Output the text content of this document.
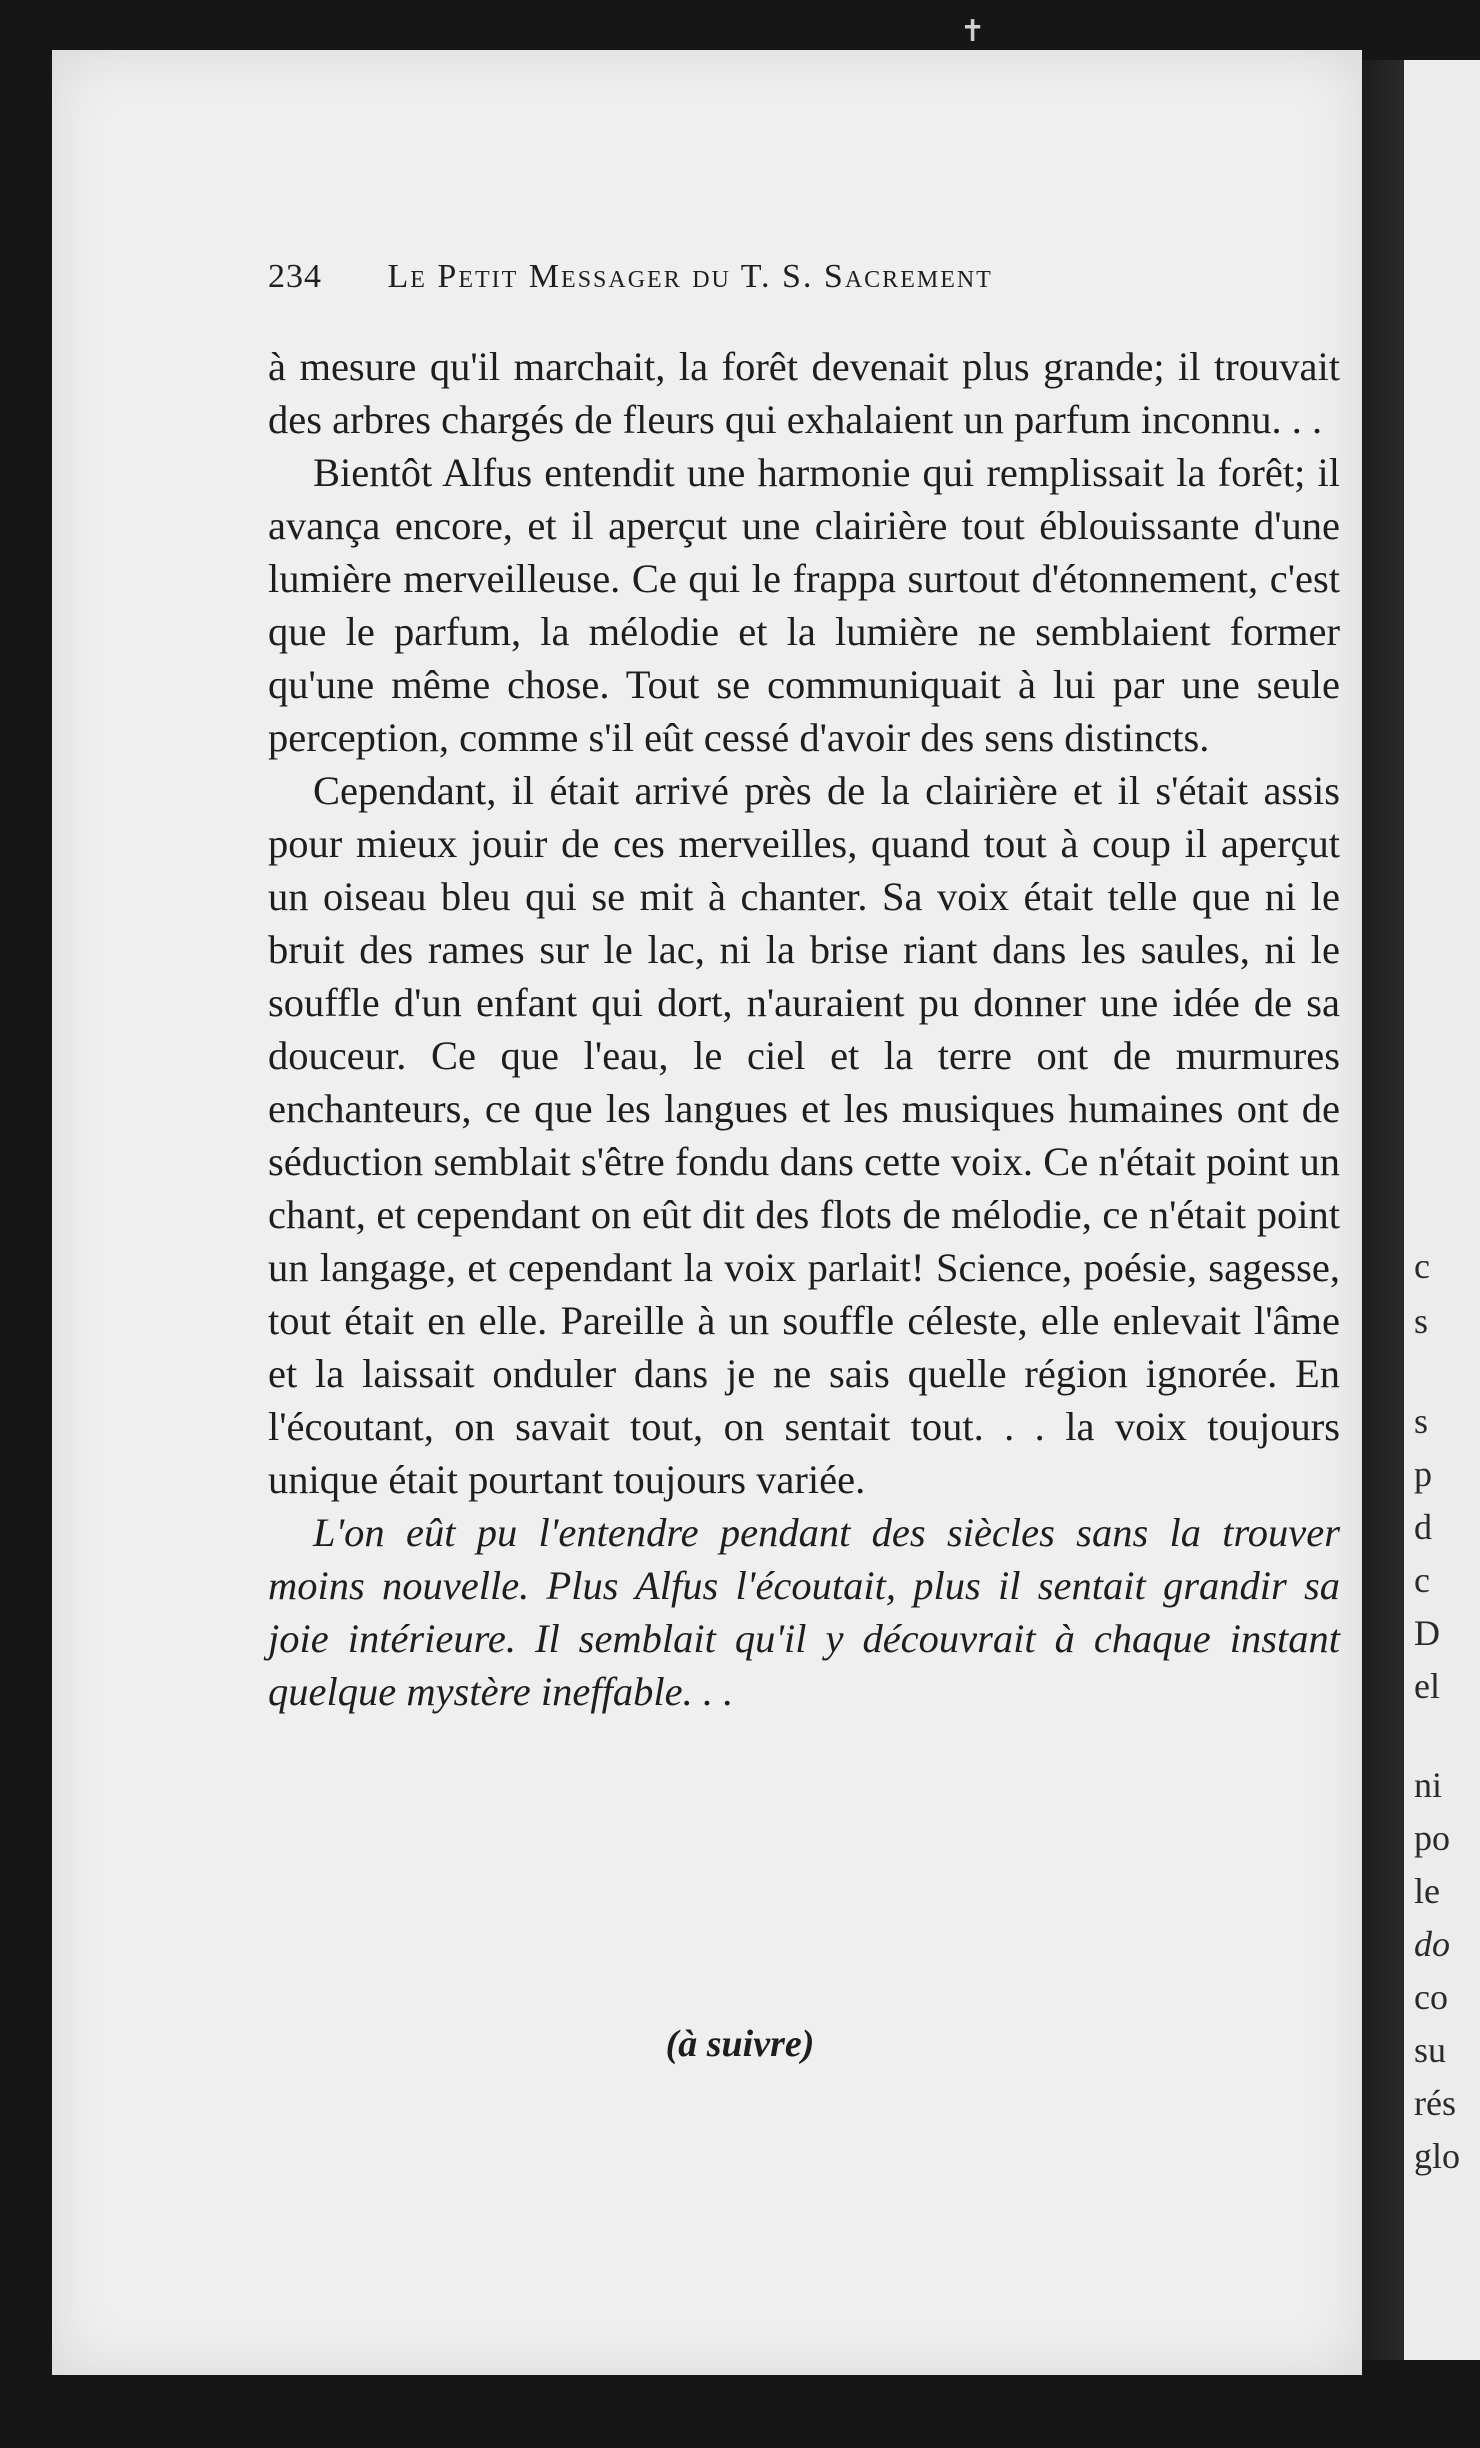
✝
c
s
s
p
d
c
D
el
ni
po
le
do
co
su
rés
glo
234 Le Petit Messager du T. S. Sacrement

à mesure qu'il marchait, la forêt devenait plus grande; il trouvait des arbres chargés de fleurs qui exhalaient un parfum inconnu. . .

Bientôt Alfus entendit une harmonie qui remplissait la forêt; il avança encore, et il aperçut une clairière tout éblouissante d'une lumière merveilleuse. Ce qui le frappa surtout d'étonnement, c'est que le parfum, la mélodie et la lumière ne semblaient former qu'une même chose. Tout se communiquait à lui par une seule perception, comme s'il eût cessé d'avoir des sens distincts.

Cependant, il était arrivé près de la clairière et il s'était assis pour mieux jouir de ces merveilles, quand tout à coup il aperçut un oiseau bleu qui se mit à chanter. Sa voix était telle que ni le bruit des rames sur le lac, ni la brise riant dans les saules, ni le souffle d'un enfant qui dort, n'auraient pu donner une idée de sa douceur. Ce que l'eau, le ciel et la terre ont de murmures enchanteurs, ce que les langues et les musiques humaines ont de séduction semblait s'être fondu dans cette voix. Ce n'était point un chant, et cependant on eût dit des flots de mélodie, ce n'était point un langage, et cependant la voix parlait! Science, poésie, sagesse, tout était en elle. Pareille à un souffle céleste, elle enlevait l'âme et la laissait onduler dans je ne sais quelle région ignorée. En l'écoutant, on savait tout, on sentait tout. . . la voix toujours unique était pourtant toujours variée.

L'on eût pu l'entendre pendant des siècles sans la trouver moins nouvelle. Plus Alfus l'écoutait, plus il sentait grandir sa joie intérieure. Il semblait qu'il y découvrait à chaque instant quelque mystère ineffable. . .

(à suivre)
